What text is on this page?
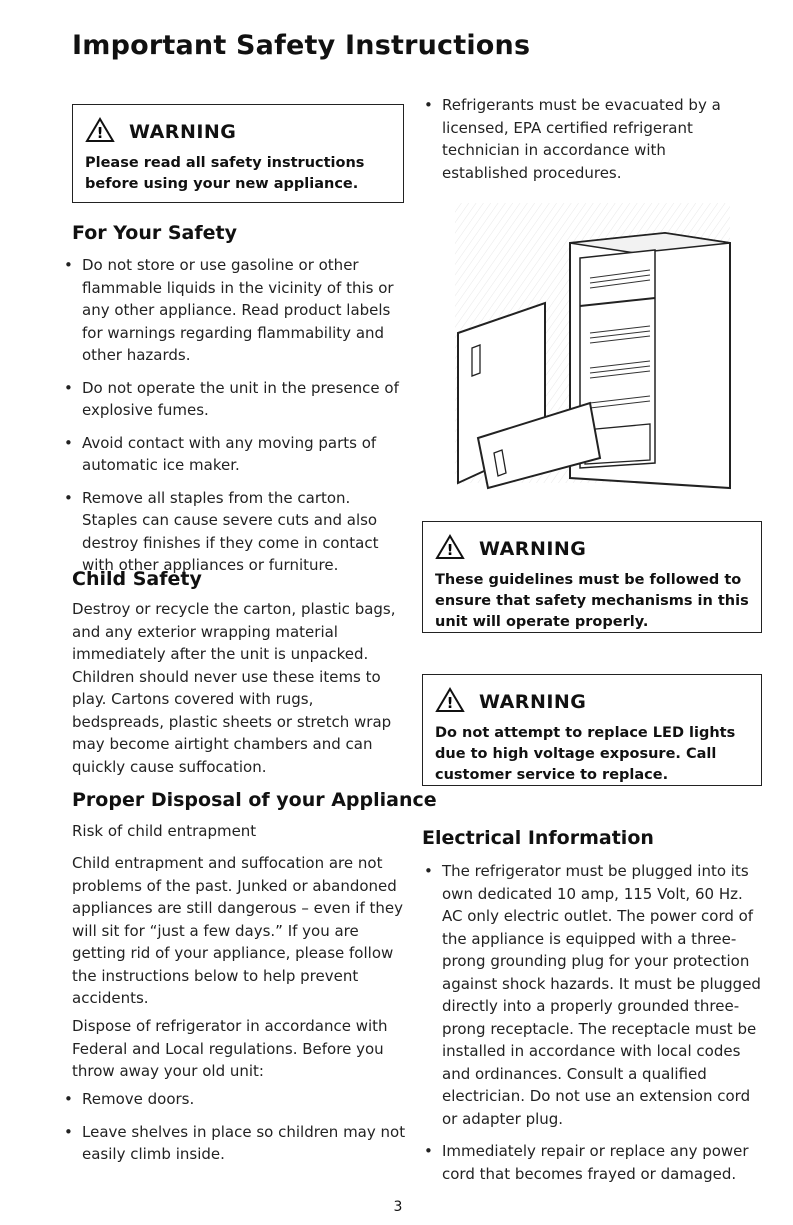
Important Safety Instructions
! WARNING
Please read all safety instructions before using your new appliance.
For Your Safety
• Do not store or use gasoline or other flammable liquids in the vicinity of this or any other appliance. Read product labels for warnings regarding flammability and other hazards.
• Do not operate the unit in the presence of explosive fumes.
• Avoid contact with any moving parts of automatic ice maker.
• Remove all staples from the carton. Staples can cause severe cuts and also destroy finishes if they come in contact with other appliances or furniture.
Child Safety
Destroy or recycle the carton, plastic bags, and any exterior wrapping material immediately after the unit is unpacked. Children should never use these items to play. Cartons covered with rugs, bedspreads, plastic sheets or stretch wrap may become airtight chambers and can quickly cause suffocation.
Proper Disposal of your Appliance
Risk of child entrapment
Child entrapment and suffocation are not problems of the past. Junked or abandoned appliances are still dangerous – even if they will sit for “just a few days.” If you are getting rid of your appliance, please follow the instructions below to help prevent accidents.
Dispose of refrigerator in accordance with Federal and Local regulations. Before you throw away your old unit:
• Remove doors.
• Leave shelves in place so children may not easily climb inside.
• Refrigerants must be evacuated by a licensed, EPA certified refrigerant technician in accordance with established procedures.
! WARNING
These guidelines must be followed to ensure that safety mechanisms in this unit will operate properly.
! WARNING
Do not attempt to replace LED lights due to high voltage exposure. Call customer service to replace.
Electrical Information
• The refrigerator must be plugged into its own dedicated 10 amp, 115 Volt, 60 Hz. AC only electric outlet. The power cord of the appliance is equipped with a three-prong grounding plug for your protection against shock hazards. It must be plugged directly into a properly grounded three-prong receptacle. The receptacle must be installed in accordance with local codes and ordinances. Consult a qualified electrician. Do not use an extension cord or adapter plug.
• Immediately repair or replace any power cord that becomes frayed or damaged.
3
